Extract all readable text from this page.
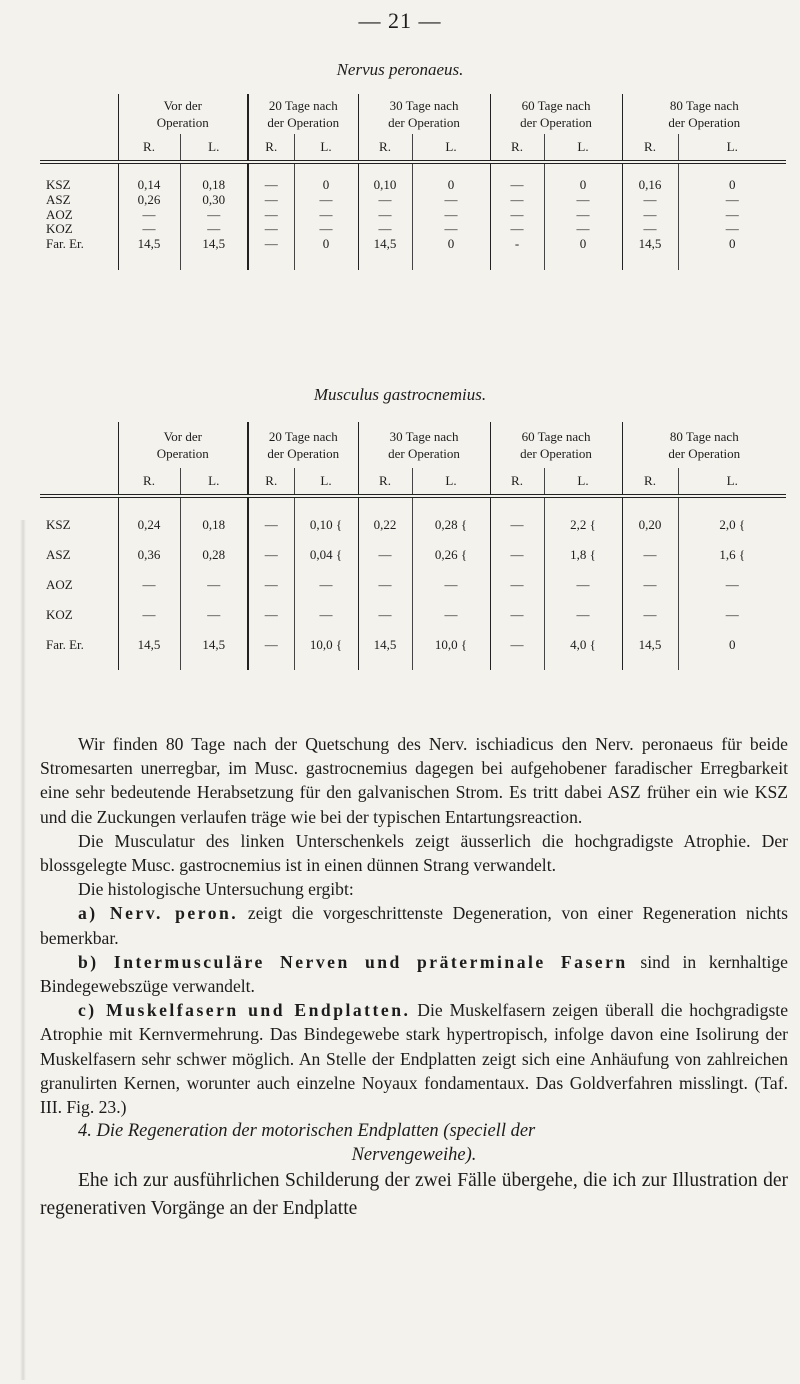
— 21 —
Nervus peronaeus.
	Vor der
Operation		20 Tage nach
der Operation		30 Tage nach
der Operation		60 Tage nach
der Operation		80 Tage nach
der Operation	
	R.	L.	R.	L.	R.	L.	R.	L.	R.	L.
KSZ	0,14	0,18	—	0	0,10	0	—	0	0,16	0
ASZ	0,26	0,30	—	—	—	—	—	—	—	—
AOZ	—	—	—	—	—	—	—	—	—	—
KOZ	—	—	—	—	—	—	—	—	—	—
Far. Er.	14,5	14,5	—	0	14,5	0	-	0	14,5	0
Musculus gastrocnemius.
	Vor der
Operation		20 Tage nach
der Operation		30 Tage nach
der Operation		60 Tage nach
der Operation		80 Tage nach
der Operation	
	R.	L.	R.	L.	R.	L.	R.	L.	R.	L.
KSZ	0,24	0,18	—	0,10 {	0,22	0,28 {	—	2,2 {	0,20	2,0 {
ASZ	0,36	0,28	—	0,04 {	—	0,26 {	—	1,8 {	—	1,6 {
AOZ	—	—	—	—	—	—	—	—	—	—
KOZ	—	—	—	—	—	—	—	—	—	—
Far. Er.	14,5	14,5	—	10,0 {	14,5	10,0 {	—	4,0 {	14,5	0

Wir finden 80 Tage nach der Quetschung des Nerv. ischiadicus den Nerv. peronaeus für beide Stromesarten unerregbar, im Musc. gastrocnemius dagegen bei aufgehobener faradischer Erregbarkeit eine sehr bedeutende Herabsetzung für den galvanischen Strom. Es tritt dabei ASZ früher ein wie KSZ und die Zuckungen verlaufen träge wie bei der typischen Entartungsreaction.

Die Musculatur des linken Unterschenkels zeigt äusserlich die hochgradigste Atrophie. Der blossgelegte Musc. gastrocnemius ist in einen dünnen Strang verwandelt.

Die histologische Untersuchung ergibt:

a) Nerv. peron. zeigt die vorgeschrittenste Degeneration, von einer Regeneration nichts bemerkbar.

b) Intermusculäre Nerven und präterminale Fasern sind in kernhaltige Bindegewebszüge verwandelt.

c) Muskelfasern und Endplatten. Die Muskelfasern zeigen überall die hochgradigste Atrophie mit Kernvermehrung. Das Bindegewebe stark hypertropisch, infolge davon eine Isolirung der Muskelfasern sehr schwer möglich. An Stelle der Endplatten zeigt sich eine Anhäufung von zahlreichen granulirten Kernen, worunter auch einzelne Noyaux fondamentaux. Das Goldverfahren misslingt. (Taf. III. Fig. 23.)

4. Die Regeneration der motorischen Endplatten (speciell der

Nervengeweihe).

Ehe ich zur ausführlichen Schilderung der zwei Fälle übergehe, die ich zur Illustration der regenerativen Vorgänge an der Endplatte
